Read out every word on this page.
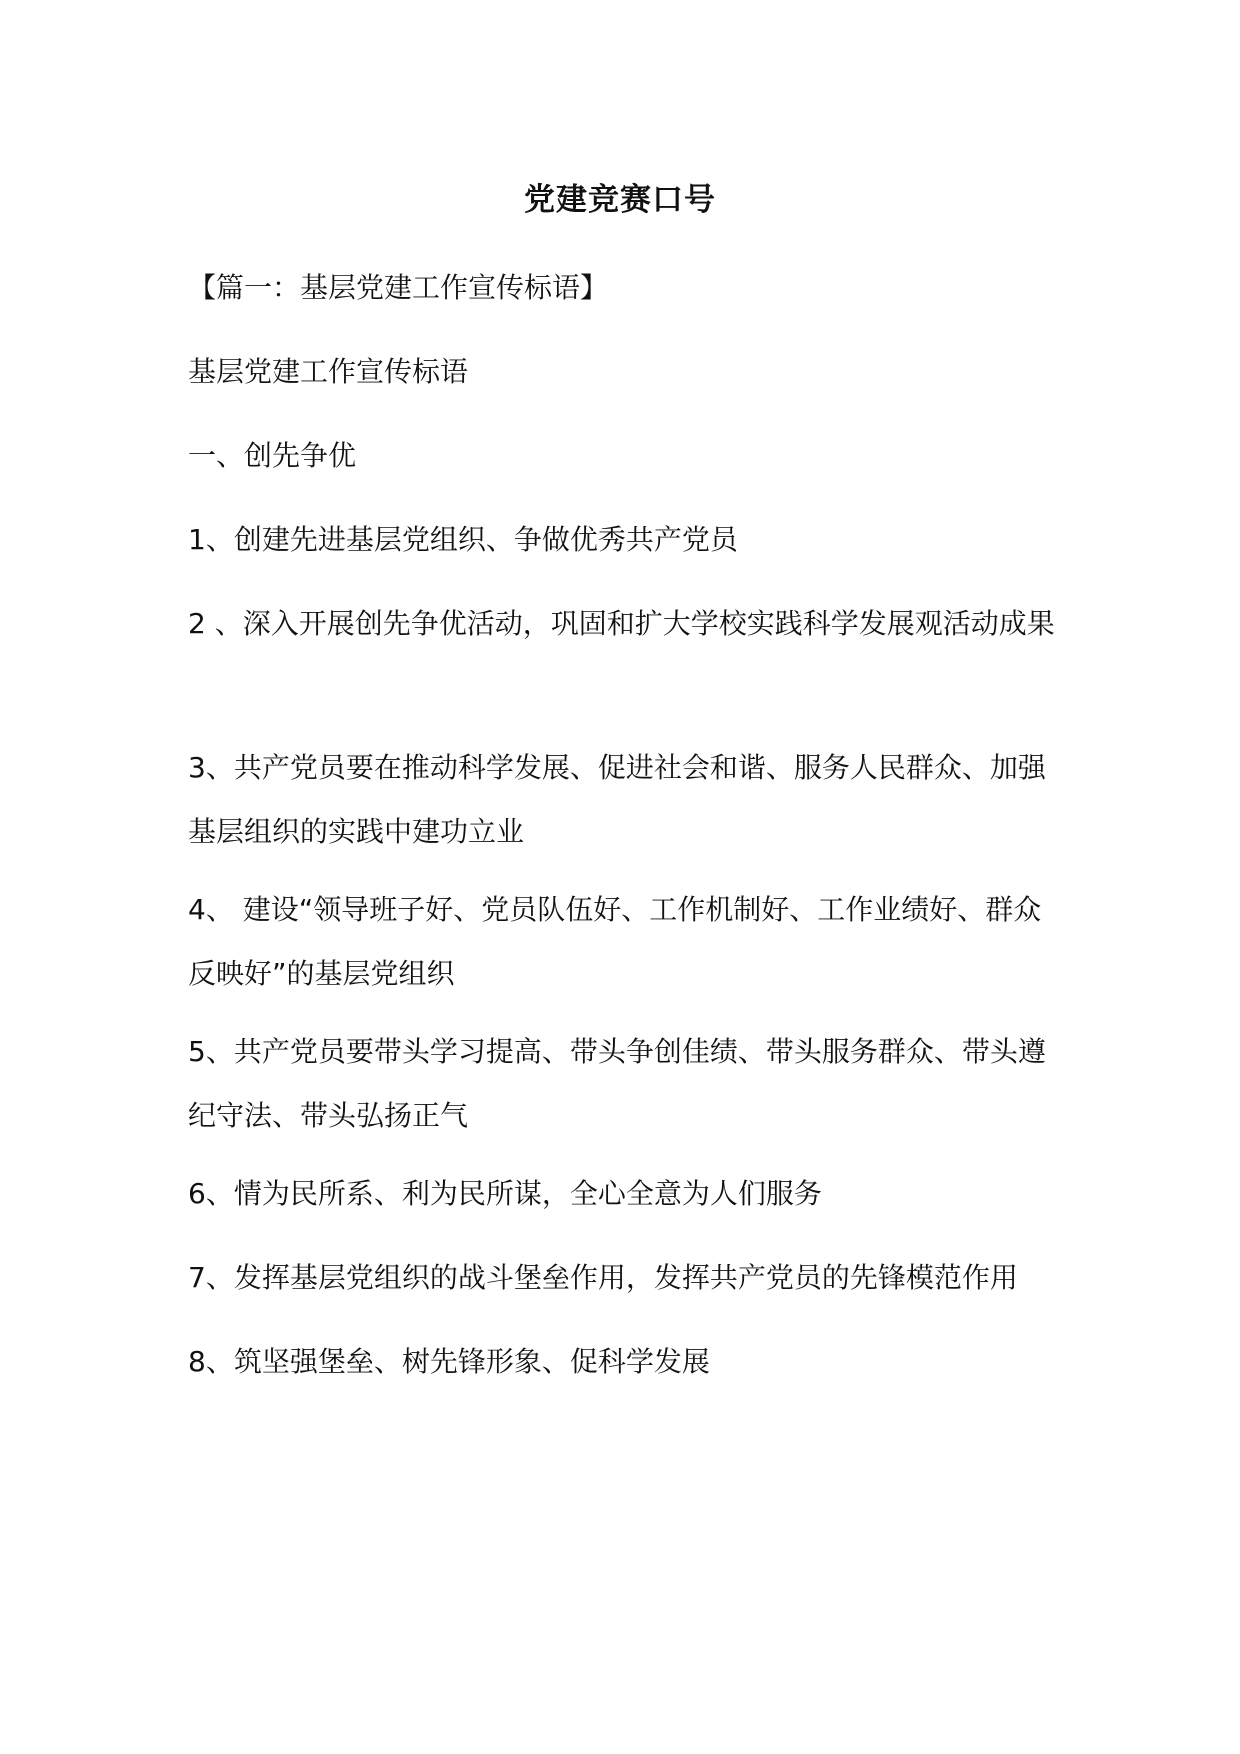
党建竞赛口号

【篇一：基层党建工作宣传标语】

基层党建工作宣传标语

一、创先争优

1、创建先进基层党组织、争做优秀共产党员

2 、深入开展创先争优活动，巩固和扩大学校实践科学发展观活动成果

3、共产党员要在推动科学发展、促进社会和谐、服务人民群众、加强基层组织的实践中建功立业

4、 建设“领导班子好、党员队伍好、工作机制好、工作业绩好、群众反映好”的基层党组织

5、共产党员要带头学习提高、带头争创佳绩、带头服务群众、带头遵纪守法、带头弘扬正气

6、情为民所系、利为民所谋，全心全意为人们服务

7、发挥基层党组织的战斗堡垒作用，发挥共产党员的先锋模范作用

8、筑坚强堡垒、树先锋形象、促科学发展
